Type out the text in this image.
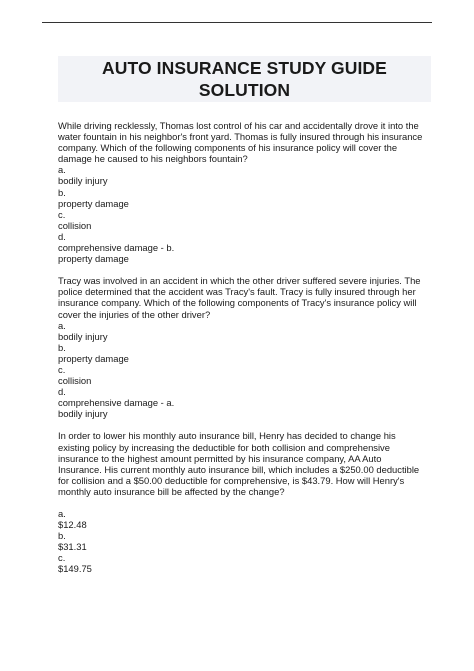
AUTO INSURANCE STUDY GUIDE
SOLUTION
While driving recklessly, Thomas lost control of his car and accidentally drove it into the
water fountain in his neighbor's front yard. Thomas is fully insured through his insurance
company. Which of the following components of his insurance policy will cover the
damage he caused to his neighbors fountain?
a.
bodily injury
b.
property damage
c.
collision
d.
comprehensive damage - b.
property damage
Tracy was involved in an accident in which the other driver suffered severe injuries. The
police determined that the accident was Tracy's fault. Tracy is fully insured through her
insurance company. Which of the following components of Tracy's insurance policy will
cover the injuries of the other driver?
a.
bodily injury
b.
property damage
c.
collision
d.
comprehensive damage - a.
bodily injury
In order to lower his monthly auto insurance bill, Henry has decided to change his
existing policy by increasing the deductible for both collision and comprehensive
insurance to the highest amount permitted by his insurance company, AA Auto
Insurance. His current monthly auto insurance bill, which includes a $250.00 deductible
for collision and a $50.00 deductible for comprehensive, is $43.79. How will Henry's
monthly auto insurance bill be affected by the change?
a.
$12.48
b.
$31.31
c.
$149.75
